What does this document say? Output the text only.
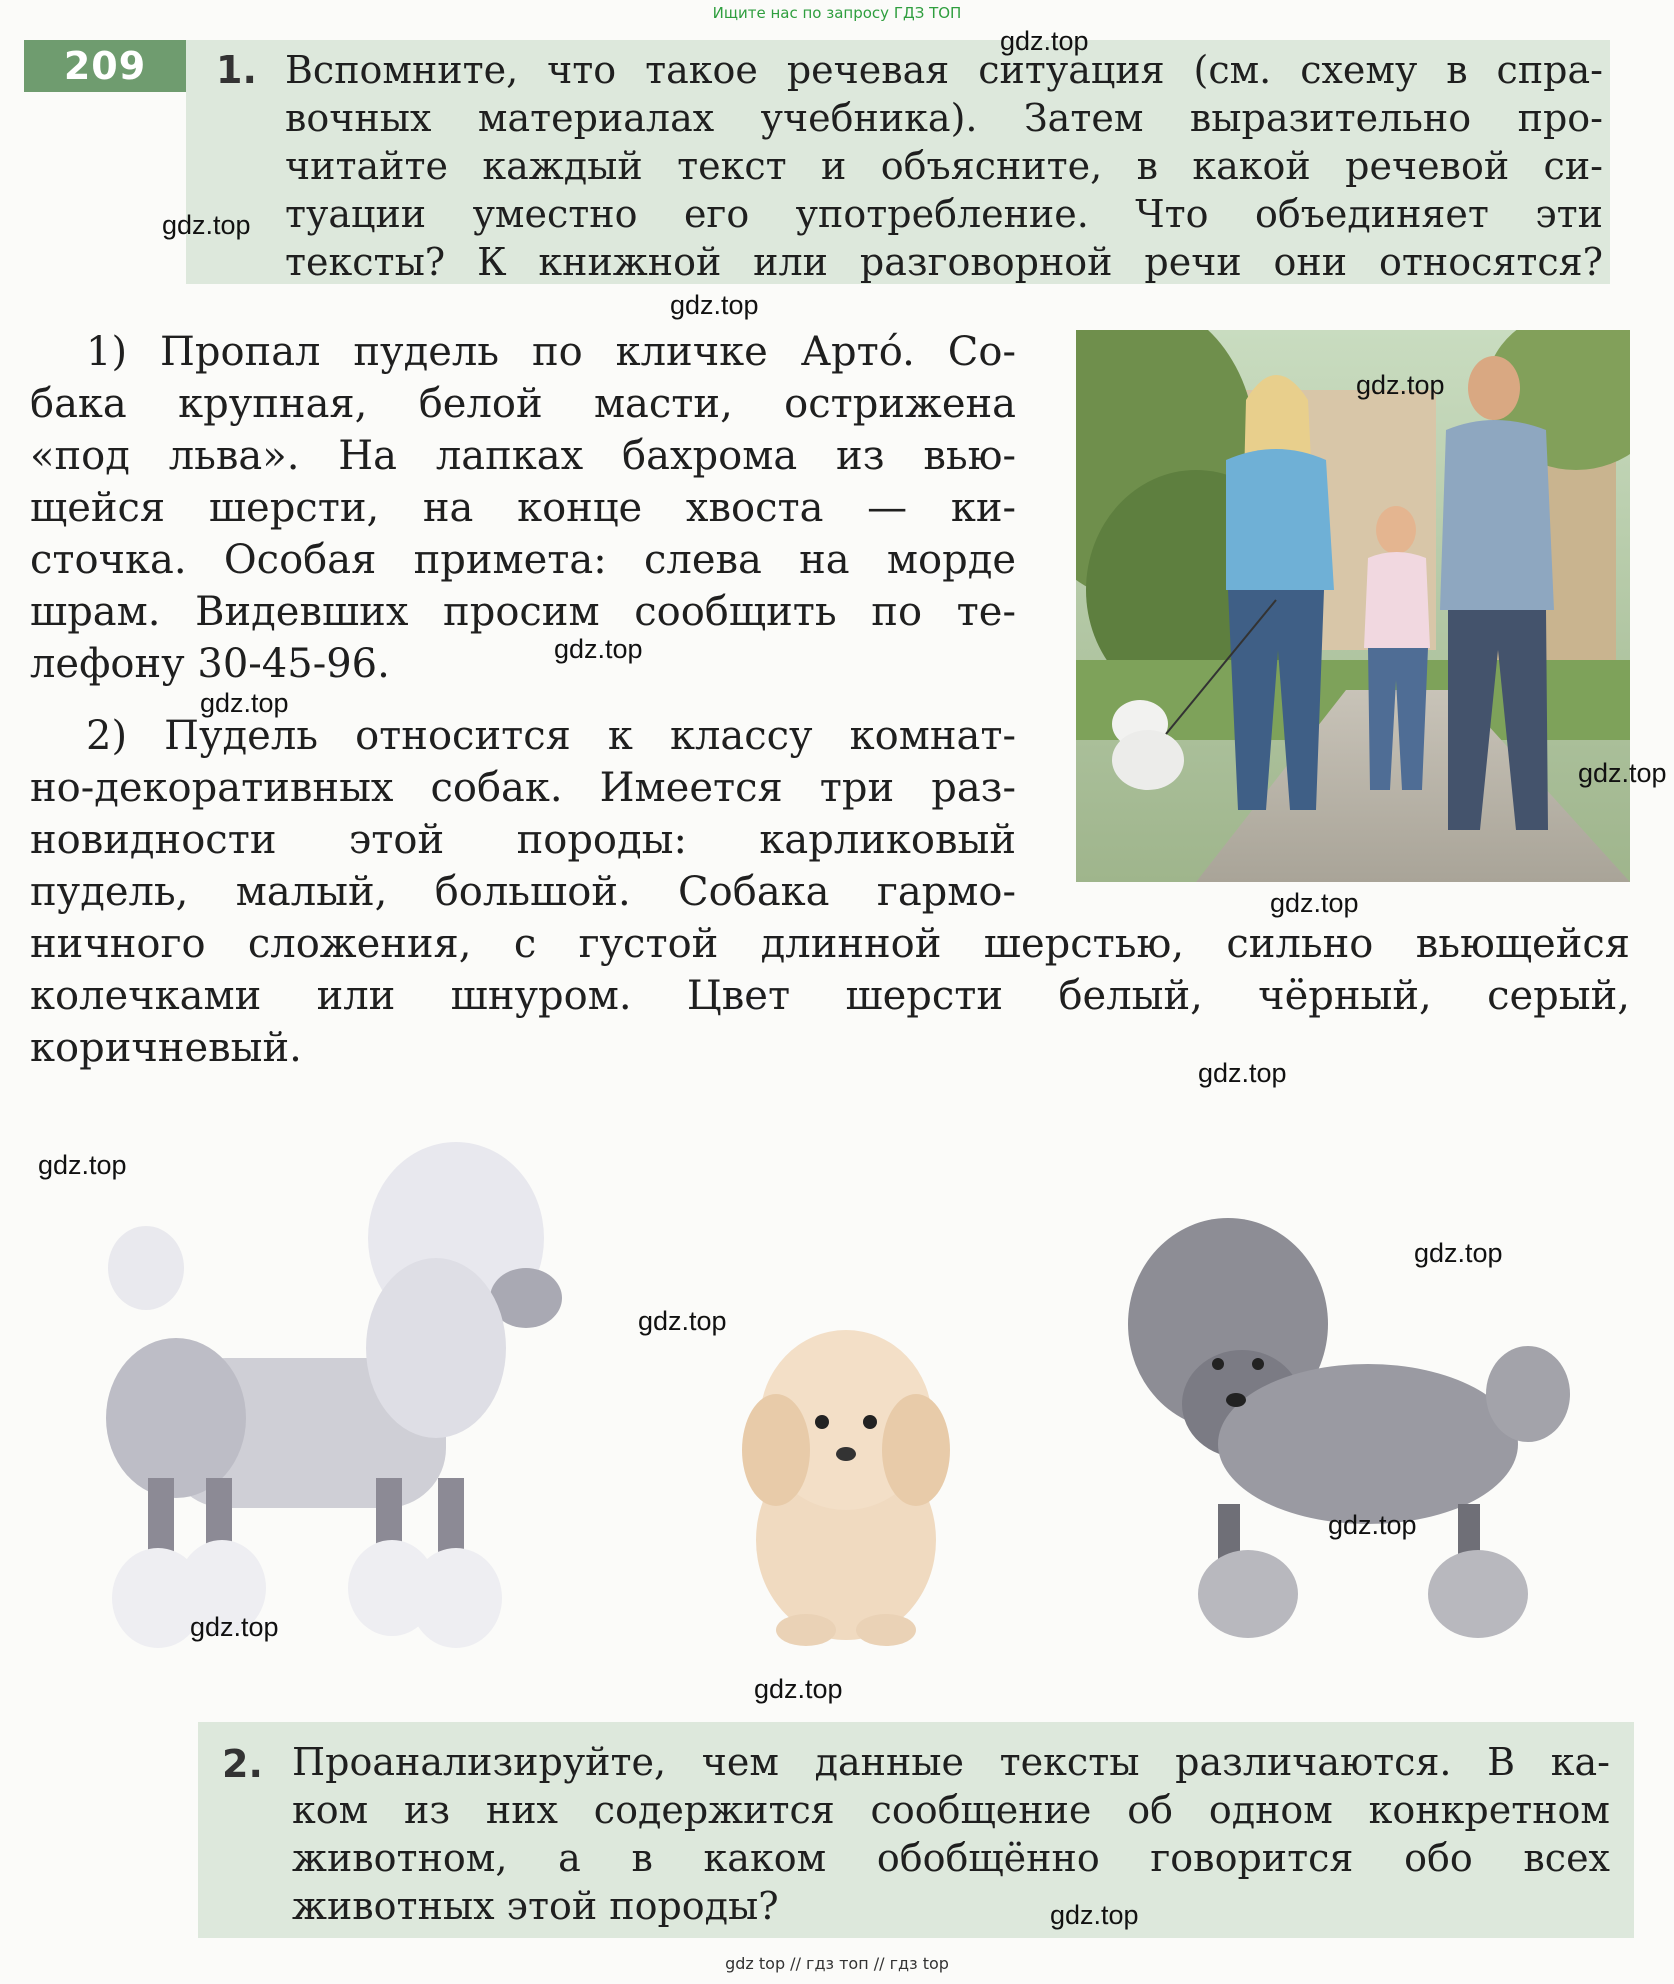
Ищите нас по запросу ГДЗ ТОП
209	1. Вспомните, что такое речевая ситуация (см. схему в спра-
вочных материалах учебника). Затем выразительно про-
читайте каждый текст и объясните, в какой речевой си-
туации уместно его употребление. Что объединяет эти
тексты? К книжной или разговорной речи они относятся?
1) Пропал пудель по кличке Артó. Со-
бака крупная, белой масти, острижена
«под льва». На лапках бахрома из вью-
щейся шерсти, на конце хвоста — ки-
сточка. Особая примета: слева на морде
шрам. Видевших просим сообщить по те-
лефону 30-45-96.
2) Пудель относится к классу комнат-
но-декоративных собак. Имеется три раз-
новидности этой породы: карликовый
пудель, малый, большой. Собака гармо-
ничного сложения, с густой длинной шерстью, сильно вьющейся
колечками или шнуром. Цвет шерсти белый, чёрный, серый,
коричневый.
2. Проанализируйте, чем данные тексты различаются. В ка-
ком из них содержится сообщение об одном конкретном
животном, а в каком обобщённо говорится обо всех
животных этой породы?
gdz.top
gdz.top
gdz.top
gdz.top
gdz.top
gdz.top
gdz.top
gdz.top
gdz.top
gdz.top
gdz.top
gdz.top
gdz.top
gdz.top
gdz.top
gdz.top
gdz top // гдз топ // гдз top
